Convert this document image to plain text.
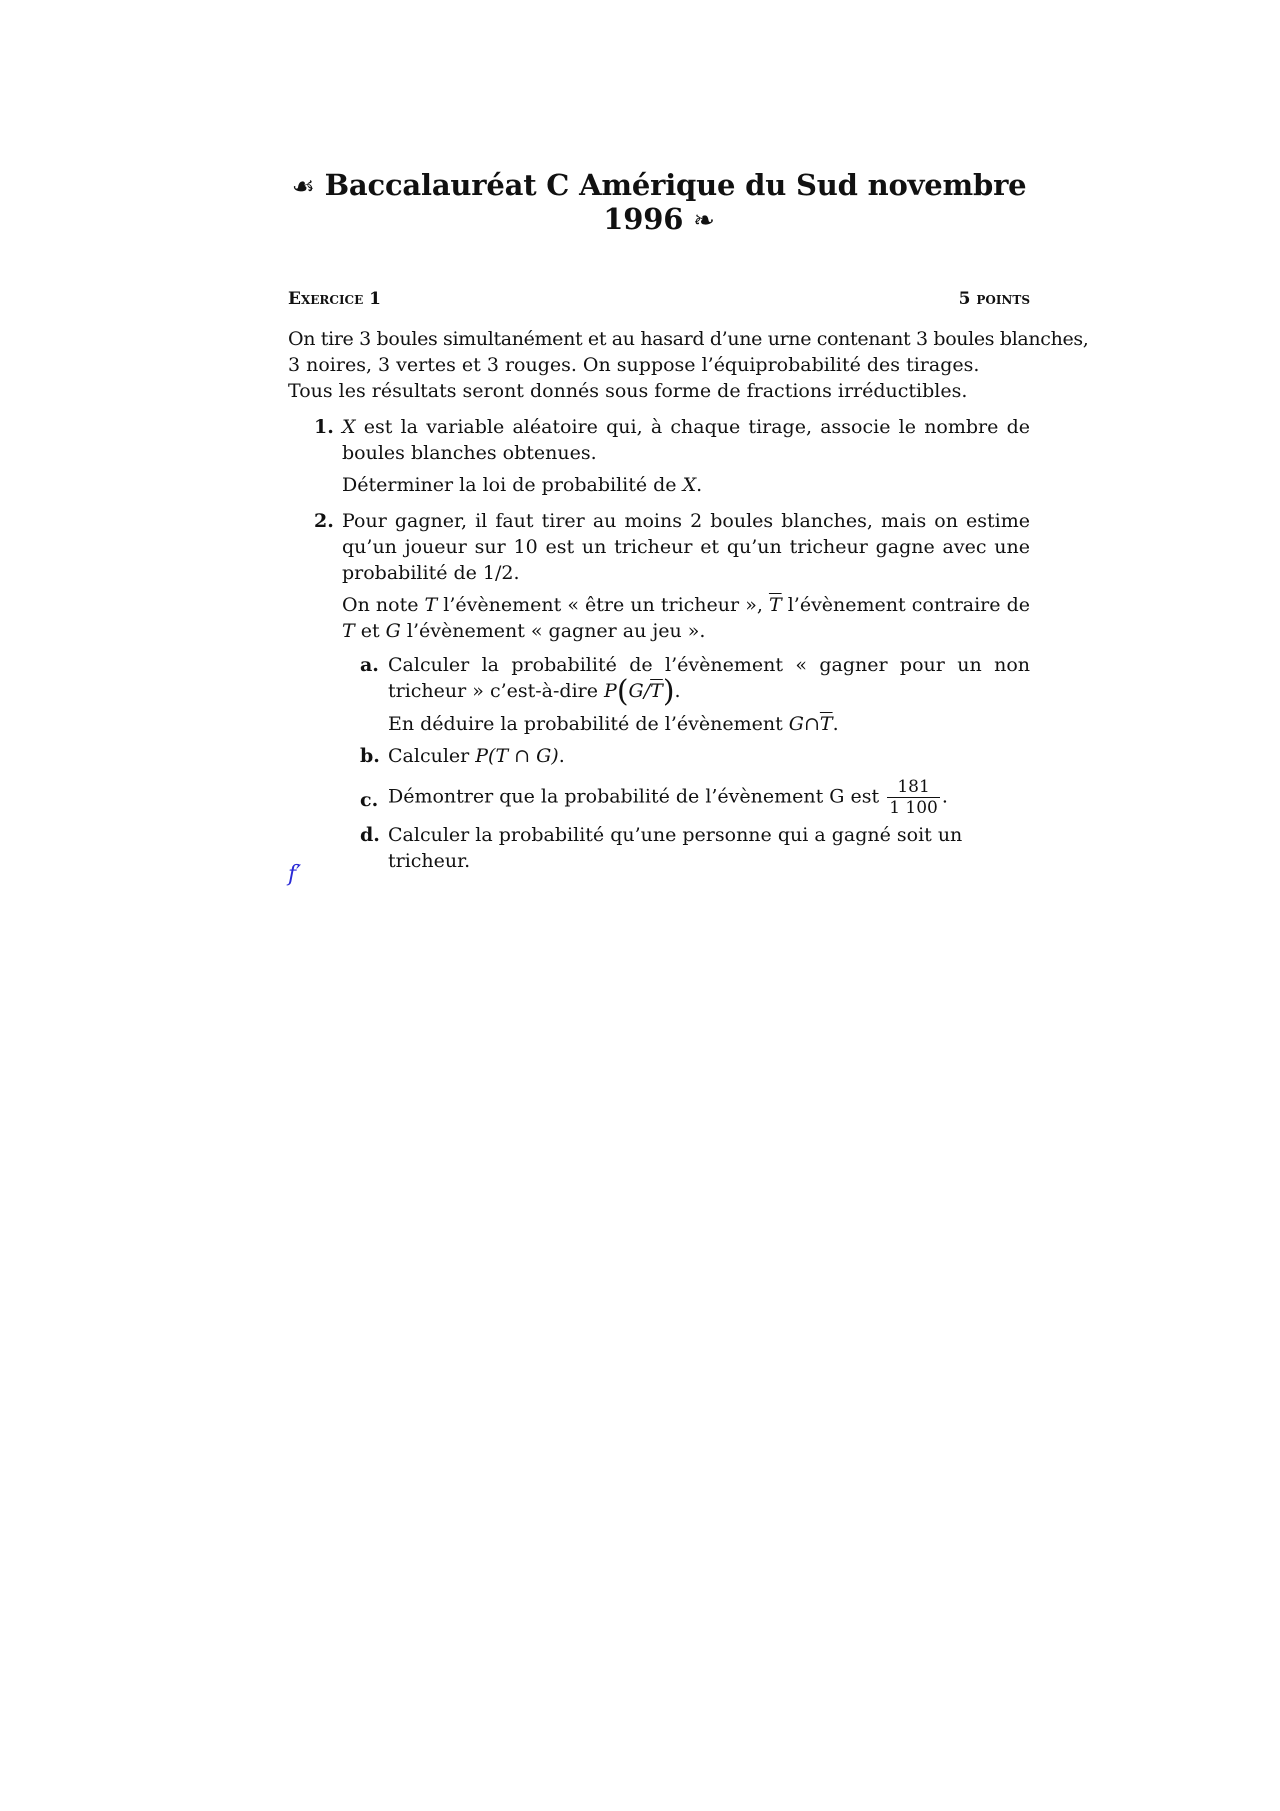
☙ Baccalauréat C Amérique du Sud novembre 1996 ❧
Exercice 1	5 points
On tire 3 boules simultanément et au hasard d’une urne contenant 3 boules blanches,
3 noires, 3 vertes et 3 rouges. On suppose l’équiprobabilité des tirages.
Tous les résultats seront donnés sous forme de fractions irréductibles.
1. X est la variable aléatoire qui, à chaque tirage, associe le nombre de boules blanches obtenues.

Déterminer la loi de probabilité de X.

2. Pour gagner, il faut tirer au moins 2 boules blanches, mais on estime qu’un joueur sur 10 est un tricheur et qu’un tricheur gagne avec une probabilité de 1/2.

On note T l’évènement « être un tricheur », $\overline{T}$ l’évènement contraire de T et G l’évènement « gagner au jeu ».

a. Calculer la probabilité de l’évènement « gagner pour un non tricheur » c’est-à-dire $P(G/\overline{T})$.

En déduire la probabilité de l’évènement $G\cap\overline{T}$.

b. Calculer P(T ∩ G).

c. Démontrer que la probabilité de l’évènement G est $\frac{181}{1 100}$ .

d. Calculer la probabilité qu’une personne qui a gagné soit un tricheur.

f′
